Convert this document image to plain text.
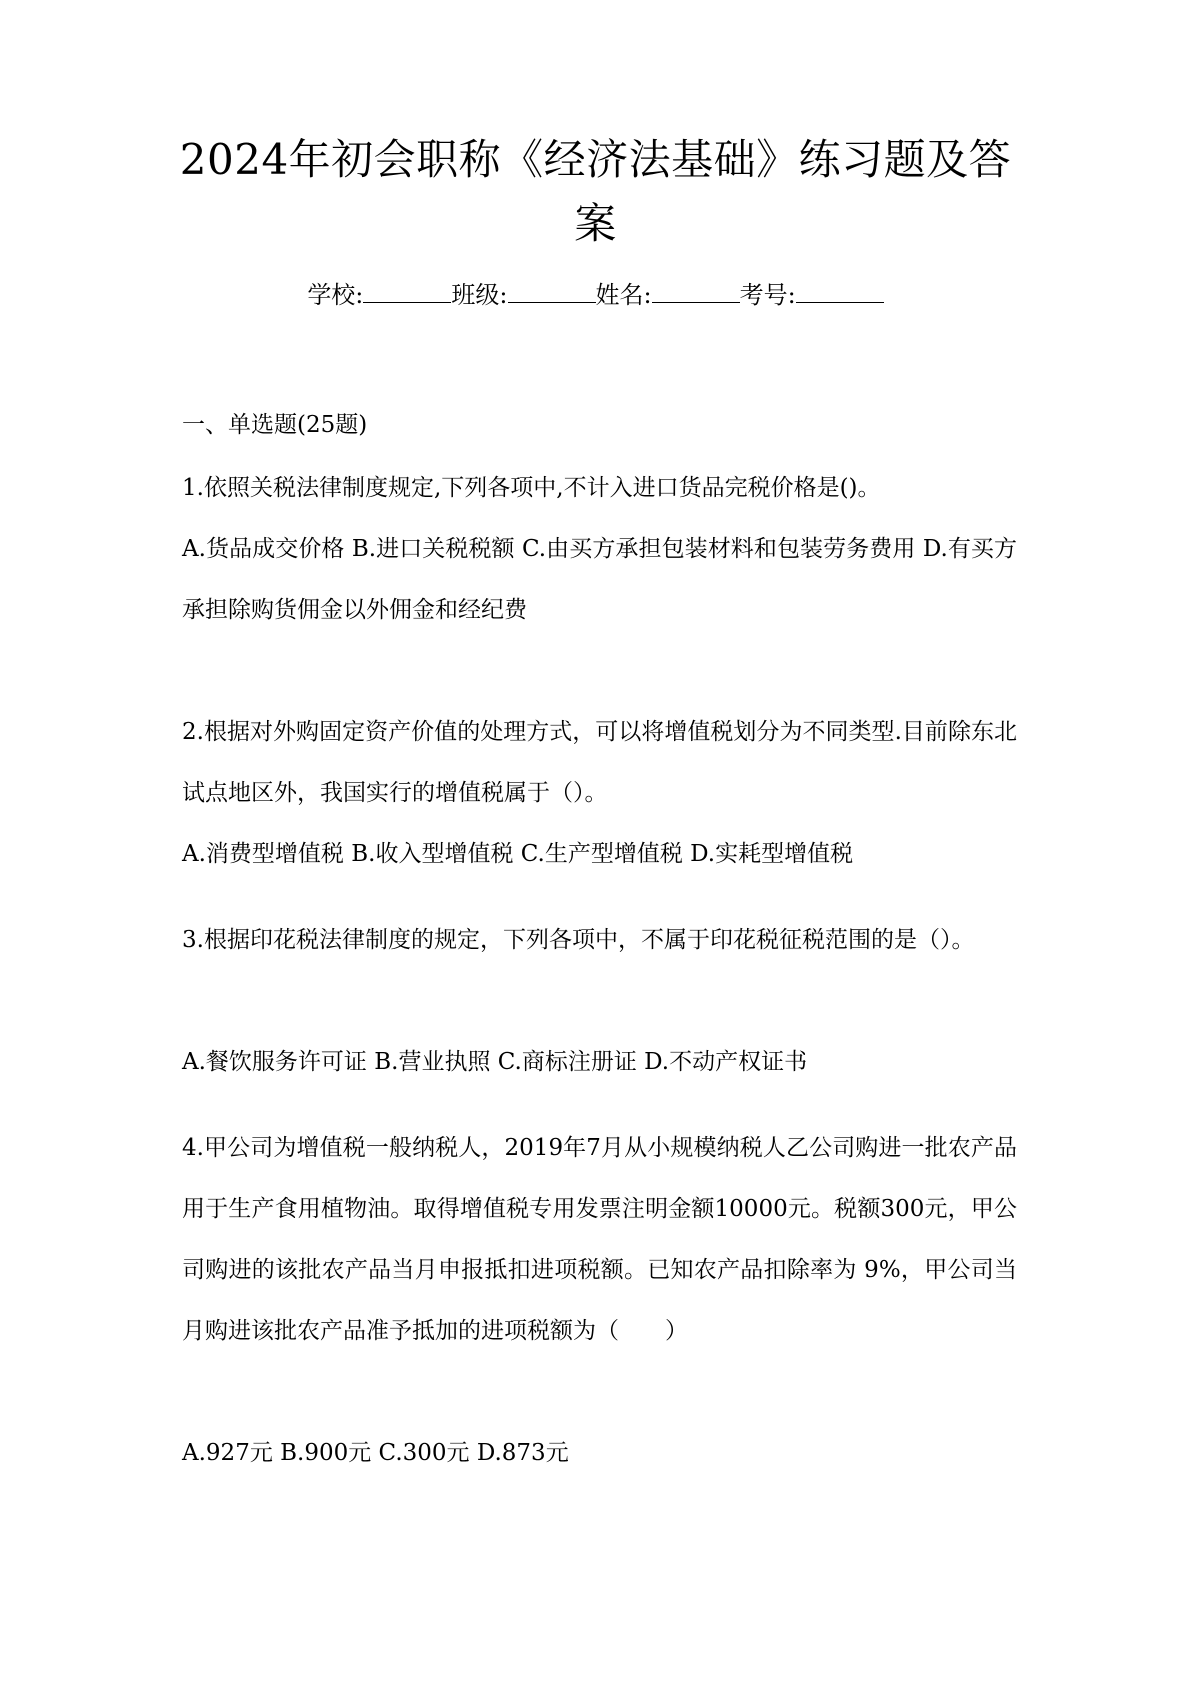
2024年初会职称《经济法基础》练习题及答案
学校:	班级:	姓名:	考号:
一、单选题(25题)
1.依照关税法律制度规定,下列各项中,不计入进口货品完税价格是()。
A.货品成交价格 B.进口关税税额 C.由买方承担包装材料和包装劳务费用 D.有买方承担除购货佣金以外佣金和经纪费
2.根据对外购固定资产价值的处理方式，可以将增值税划分为不同类型.目前除东北试点地区外，我国实行的增值税属于（）。
A.消费型增值税 B.收入型增值税 C.生产型增值税 D.实耗型增值税
3.根据印花税法律制度的规定，下列各项中，不属于印花税征税范围的是（）。
A.餐饮服务许可证 B.营业执照 C.商标注册证 D.不动产权证书
4.甲公司为增值税一般纳税人，2019年7月从小规模纳税人乙公司购进一批农产品用于生产食用植物油。取得增值税专用发票注明金额10000元。税额300元，甲公司购进的该批农产品当月申报抵扣进项税额。已知农产品扣除率为 9%，甲公司当月购进该批农产品准予抵加的进项税额为（　　）
A.927元 B.900元 C.300元 D.873元
